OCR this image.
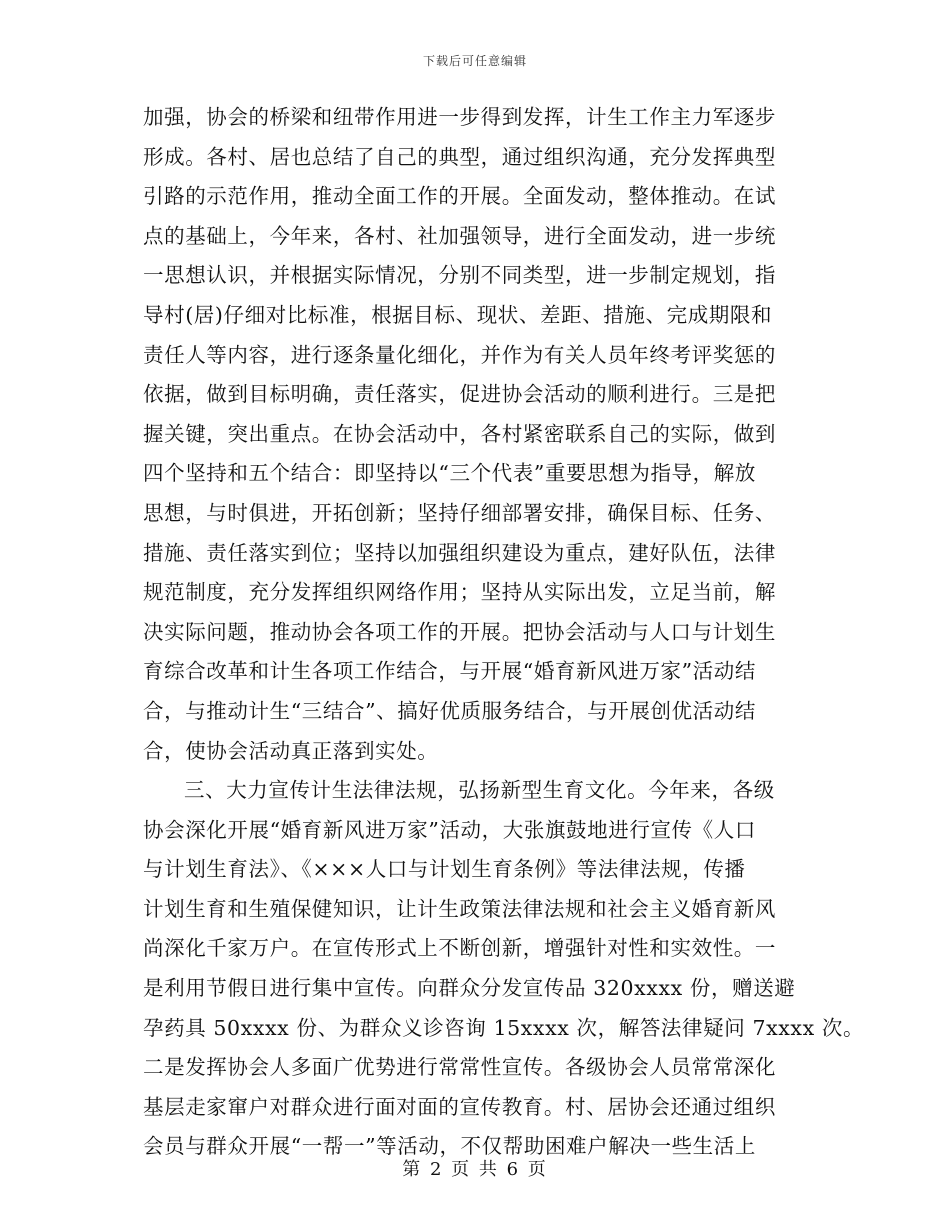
下载后可任意编辑
加强，协会的桥梁和纽带作用进一步得到发挥，计生工作主力军逐步
形成。各村、居也总结了自己的典型，通过组织沟通，充分发挥典型
引路的示范作用，推动全面工作的开展。全面发动，整体推动。在试
点的基础上，今年来，各村、社加强领导，进行全面发动，进一步统
一思想认识，并根据实际情况，分别不同类型，进一步制定规划，指
导村(居)仔细对比标准，根据目标、现状、差距、措施、完成期限和
责任人等内容，进行逐条量化细化，并作为有关人员年终考评奖惩的
依据，做到目标明确，责任落实，促进协会活动的顺利进行。三是把
握关键，突出重点。在协会活动中，各村紧密联系自己的实际，做到
四个坚持和五个结合：即坚持以“三个代表”重要思想为指导，解放
思想，与时俱进，开拓创新；坚持仔细部署安排，确保目标、任务、
措施、责任落实到位；坚持以加强组织建设为重点，建好队伍，法律
规范制度，充分发挥组织网络作用；坚持从实际出发，立足当前，解
决实际问题，推动协会各项工作的开展。把协会活动与人口与计划生
育综合改革和计生各项工作结合，与开展“婚育新风进万家”活动结
合，与推动计生“三结合”、搞好优质服务结合，与开展创优活动结
合，使协会活动真正落到实处。
三、大力宣传计生法律法规，弘扬新型生育文化。今年来，各级
协会深化开展“婚育新风进万家”活动，大张旗鼓地进行宣传《人口
与计划生育法》、《×××人口与计划生育条例》等法律法规，传播
计划生育和生殖保健知识，让计生政策法律法规和社会主义婚育新风
尚深化千家万户。在宣传形式上不断创新，增强针对性和实效性。一
是利用节假日进行集中宣传。向群众分发宣传品 320xxxx 份，赠送避
孕药具 50xxxx 份、为群众义诊咨询 15xxxx 次，解答法律疑问 7xxxx 次。
二是发挥协会人多面广优势进行常常性宣传。各级协会人员常常深化
基层走家窜户对群众进行面对面的宣传教育。村、居协会还通过组织
会员与群众开展“一帮一”等活动，不仅帮助困难户解决一些生活上
第 2 页 共 6 页
